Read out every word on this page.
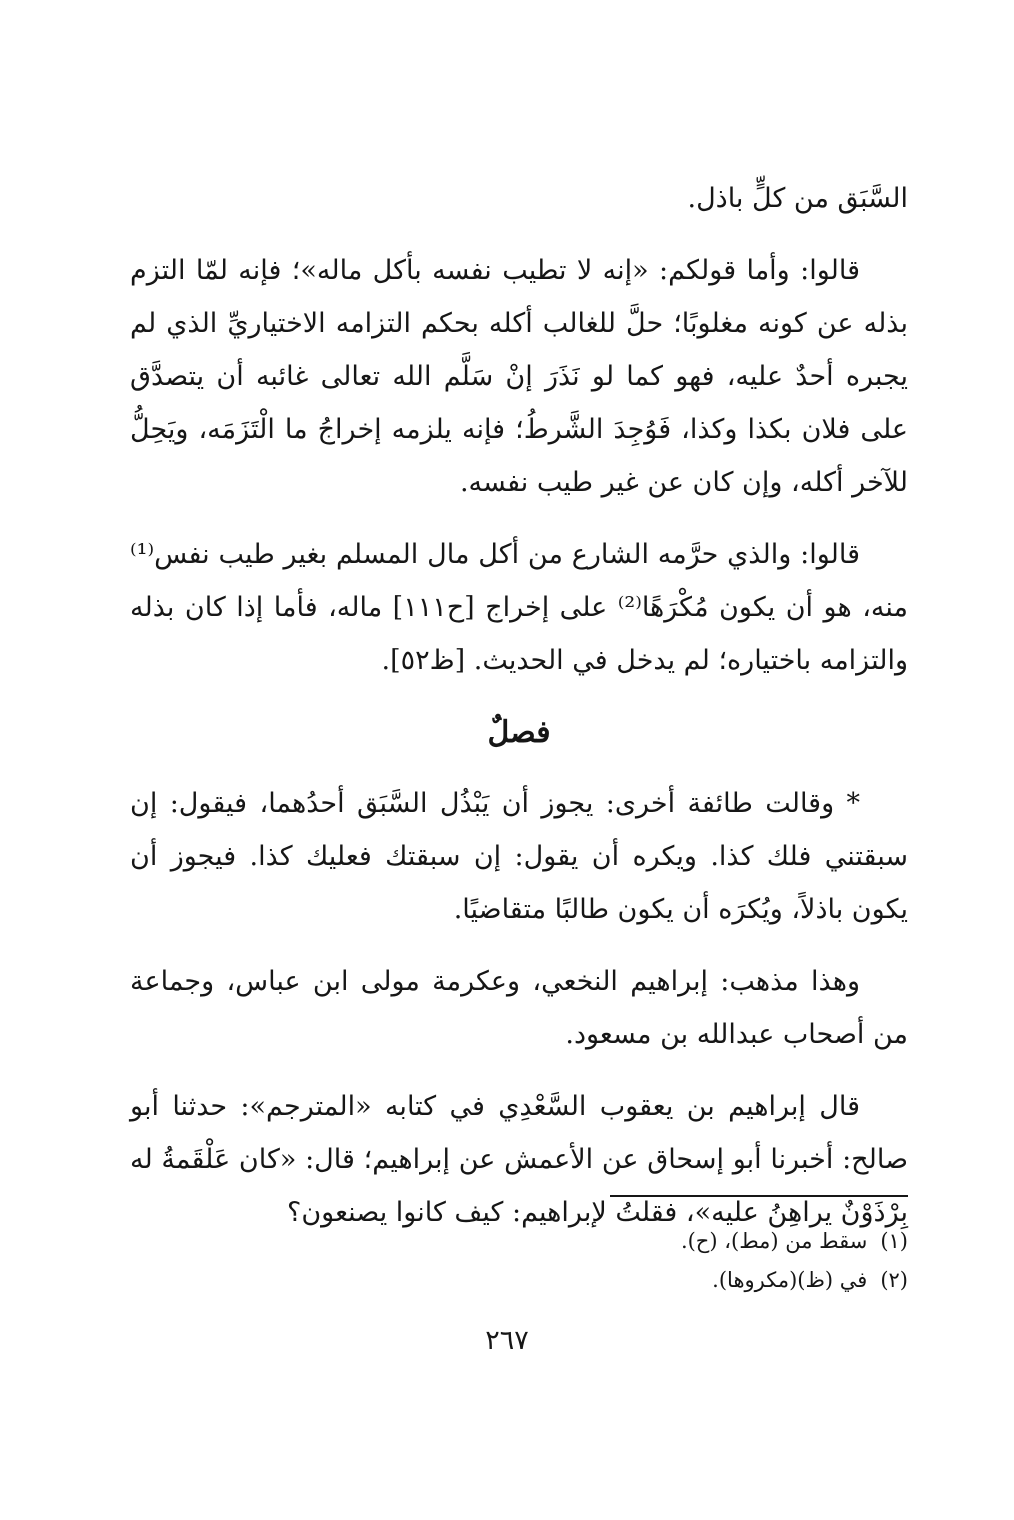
السَّبَق من كلٍّ باذل.

قالوا: وأما قولكم: «إنه لا تطيب نفسه بأكل ماله»؛ فإنه لمّا التزم بذله عن كونه مغلوبًا؛ حلَّ للغالب أكله بحكم التزامه الاختياريِّ الذي لم يجبره أحدٌ عليه، فهو كما لو نَذَرَ إنْ سَلَّم الله تعالى غائبه أن يتصدَّق على فلان بكذا وكذا، فَوُجِدَ الشَّرطُ؛ فإنه يلزمه إخراجُ ما الْتَزَمَه، ويَحِلُّ للآخر أكله، وإن كان عن غير طيب نفسه.

قالوا: والذي حرَّمه الشارع من أكل مال المسلم بغير طيب نفس⁽¹⁾ منه، هو أن يكون مُكْرَهًا⁽²⁾ على إخراج [ح١١١] ماله، فأما إذا كان بذله والتزامه باختياره؛ لم يدخل في الحديث. [ظ٥٢].

فصلٌ

* وقالت طائفة أخرى: يجوز أن يَبْذُل السَّبَق أحدُهما، فيقول: إن سبقتني فلك كذا. ويكره أن يقول: إن سبقتك فعليك كذا. فيجوز أن يكون باذلاً، ويُكرَه أن يكون طالبًا متقاضيًا.

وهذا مذهب: إبراهيم النخعي، وعكرمة مولى ابن عباس، وجماعة من أصحاب عبدالله بن مسعود.

قال إبراهيم بن يعقوب السَّعْدِي في كتابه «المترجم»: حدثنا أبو صالح: أخبرنا أبو إسحاق عن الأعمش عن إبراهيم؛ قال: «كان عَلْقَمةُ له بِرْذَوْنٌ يراهِنُ عليه»، فقلتُ لإبراهيم: كيف كانوا يصنعون؟

(١) سقط من (مط)، (ح).

(٢) في (ظ)(مكروها).

٢٦٧
